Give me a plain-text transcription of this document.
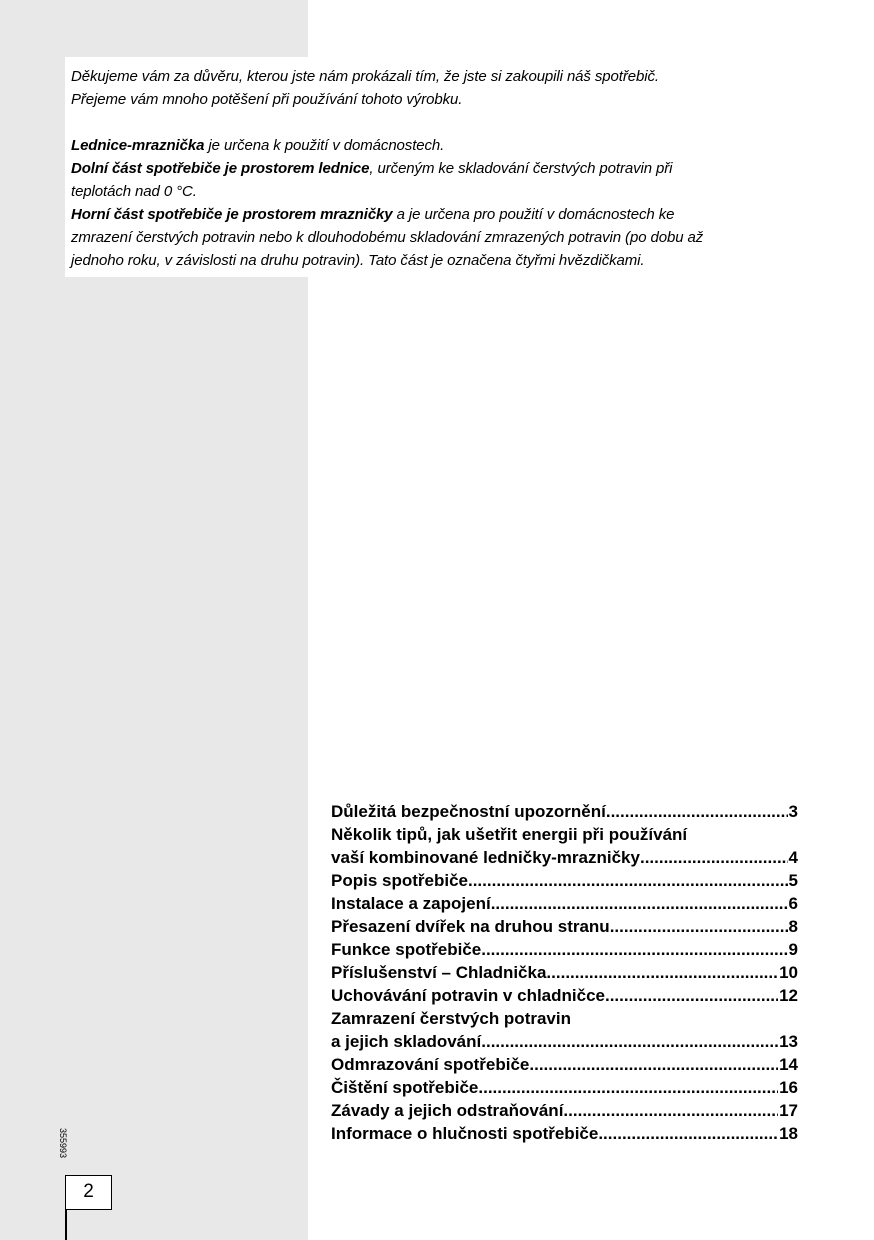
Děkujeme vám za důvěru, kterou jste nám prokázali tím, že jste si zakoupili náš spotřebič.

Přejeme vám mnoho potěšení při používání tohoto výrobku.

Lednice-mraznička je určena k použití v domácnostech.

Dolní část spotřebiče je prostorem lednice, určeným ke skladování čerstvých potravin při

teplotách nad 0 °C.

Horní část spotřebiče je prostorem mrazničky a je určena pro použití v domácnostech ke

zmrazení čerstvých potravin nebo k dlouhodobému skladování zmrazených potravin (po dobu až

jednoho roku, v závislosti na druhu potravin). Tato část je označena čtyřmi hvězdičkami.

Důležitá bezpečnostní upozornění .....	3
Několik tipů, jak ušetřit energii při používání
vaší kombinované ledničky-mrazničky .....	4
Popis spotřebiče .....	5
Instalace a zapojení .....	6
Přesazení dvířek na druhou stranu .....	8
Funkce spotřebiče .....	9
Příslušenství – Chladnička .....	10
Uchovávání potravin v chladničce .....	12
Zamrazení čerstvých potravin
a jejich skladování .....	13
Odmrazování spotřebiče .....	14
Čištění spotřebiče .....	16
Závady a jejich odstraňování .....	17
Informace o hlučnosti spotřebiče .....	18
355993
2
